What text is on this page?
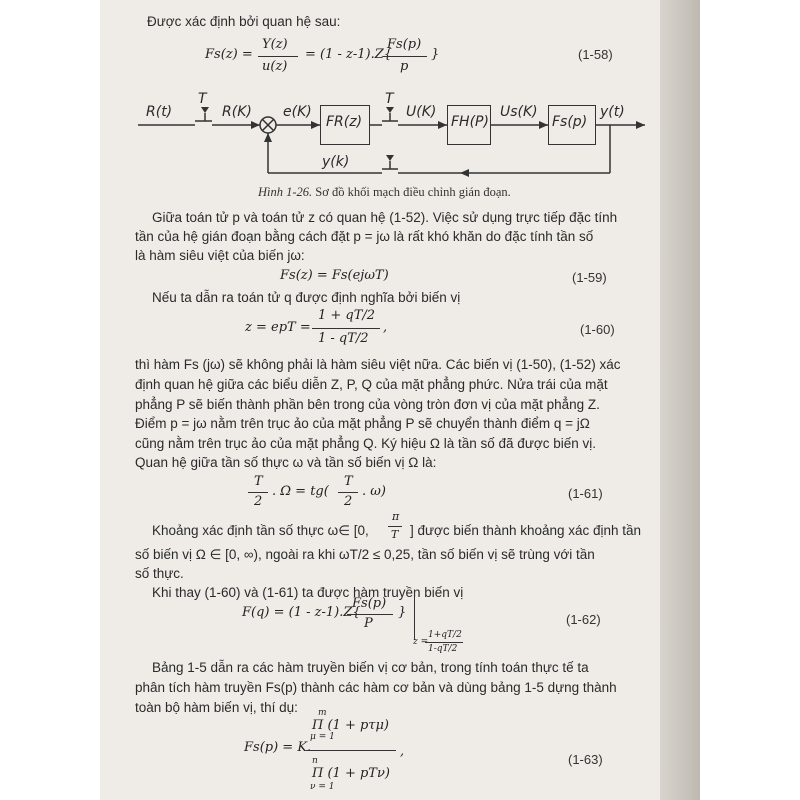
Được xác định bởi quan hệ sau:
Fs(z) =
Y(z)
u(z)
= (1 - z-1).Z{
Fs(p)
p
}	(1-58)
R(t)
T
R(K) e(K)
FR(z)
T
U(K)
FH(P)
Us(K)
Fs(p)
y(t)
y(k)
Hình 1-26. Sơ đồ khối mạch điều chỉnh gián đoạn.
Giữa toán tử p và toán tử z có quan hệ (1-52). Việc sử dụng trực tiếp đặc tính
tần của hệ gián đoạn bằng cách đặt p = jω là rất khó khăn do đặc tính tần số
là hàm siêu việt của biến jω:
Fs(z) = Fs(ejωT)	(1-59)
Nếu ta dẫn ra toán tử q được định nghĩa bởi biến vị
z = epT =
1 + qT/2
1 - qT/2
,	(1-60)
thì hàm Fs (jω) sẽ không phải là hàm siêu việt nữa. Các biến vị (1-50), (1-52) xác
định quan hệ giữa các biểu diễn Z, P, Q của mặt phẳng phức. Nửa trái của mặt
phẳng P sẽ biến thành phần bên trong của vòng tròn đơn vị của mặt phẳng Z.
Điểm p = jω nằm trên trục ảo của mặt phẳng P sẽ chuyển thành điểm q = jΩ
cũng nằm trên trục ảo của mặt phẳng Q. Ký hiệu Ω là tần số đã được biến vị.
Quan hệ giữa tần số thực ω và tần số biến vị Ω là:
T
2
. Ω = tg(
T
2
. ω)	(1-61)
Khoảng xác định tần số thực ω∈ [0,
π
T ] được biến thành khoảng xác định tần
số biến vị Ω ∈ [0, ∞), ngoài ra khi ωT/2 ≤ 0,25, tần số biến vị sẽ trùng với tần
số thực.
Khi thay (1-60) và (1-61) ta được hàm truyền biến vị
F(q) = (1 - z-1).Z{
Fs(p)
P
}
z =
1+qT/2
1-qT/2
(1-62)
Bảng 1-5 dẫn ra các hàm truyền biến vị cơ bản, trong tính toán thực tế ta
phân tích hàm truyền Fs(p) thành các hàm cơ bản và dùng bảng 1-5 dựng thành
toàn bộ hàm biến vị, thí dụ:
Fs(p) = K.
m
Π (1 + pτμ)
μ = 1
n
Π (1 + pTν)
ν = 1
,
(1-63)
